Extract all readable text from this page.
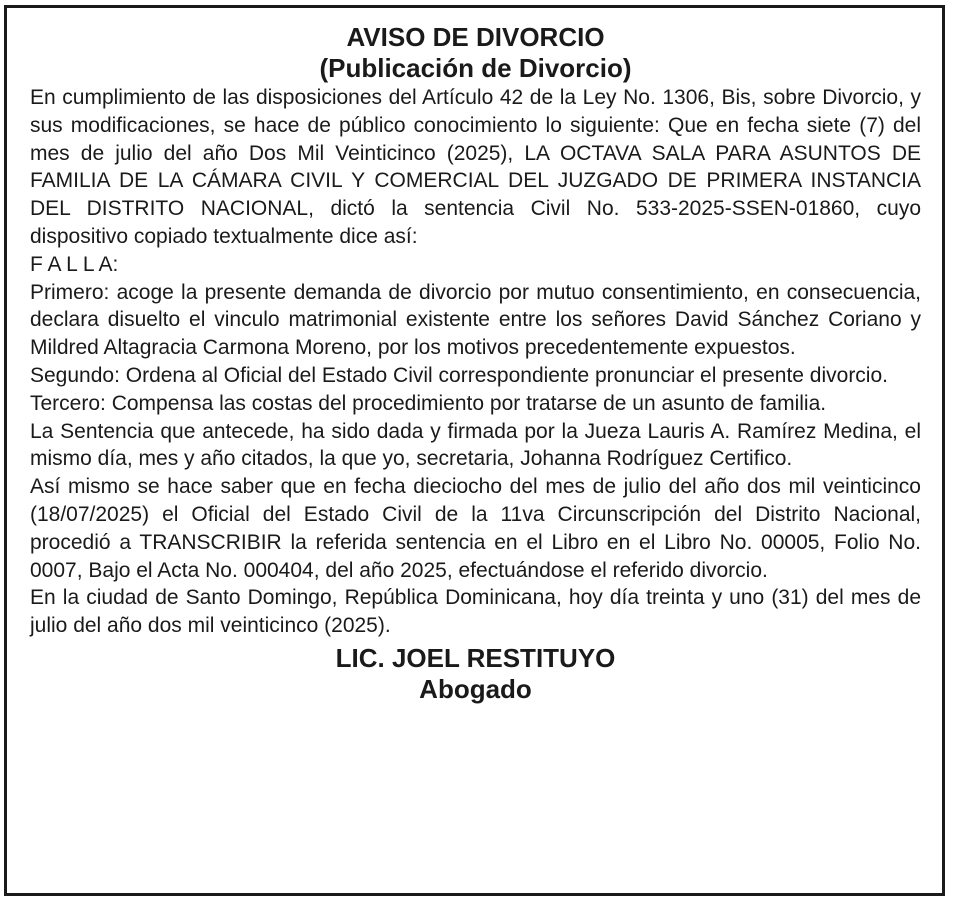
AVISO DE DIVORCIO
(Publicación de Divorcio)

En cumplimiento de las disposiciones del Artículo 42 de la Ley No. 1306, Bis, sobre Divorcio, y sus modificaciones, se hace de público conocimiento lo siguiente: Que en fecha siete (7) del mes de julio del año Dos Mil Veinticinco (2025), LA OCTAVA SALA PARA ASUNTOS DE FAMILIA DE LA CÁMARA CIVIL Y COMERCIAL DEL JUZGADO DE PRIMERA INSTANCIA DEL DISTRITO NACIONAL, dictó la sentencia Civil No. 533-2025-SSEN-01860, cuyo dispositivo copiado textualmente dice así:

F A L L A:

Primero: acoge la presente demanda de divorcio por mutuo consentimiento, en consecuencia, declara disuelto el vinculo matrimonial existente entre los señores David Sánchez Coriano y Mildred Altagracia Carmona Moreno, por los motivos precedentemente expuestos.

Segundo: Ordena al Oficial del Estado Civil correspondiente pronunciar el presente divorcio.

Tercero: Compensa las costas del procedimiento por tratarse de un asunto de familia.

La Sentencia que antecede, ha sido dada y firmada por la Jueza Lauris A. Ramírez Medina, el mismo día, mes y año citados, la que yo, secretaria, Johanna Rodríguez Certifico.

Así mismo se hace saber que en fecha dieciocho del mes de julio del año dos mil veinticinco (18/07/2025) el Oficial del Estado Civil de la 11va Circunscripción del Distrito Nacional, procedió a TRANSCRIBIR la referida sentencia en el Libro en el Libro No. 00005, Folio No. 0007, Bajo el Acta No. 000404, del año 2025, efectuándose el referido divorcio.

En la ciudad de Santo Domingo, República Dominicana, hoy día treinta y uno (31) del mes de julio del año dos mil veinticinco (2025).

LIC. JOEL RESTITUYO
Abogado
